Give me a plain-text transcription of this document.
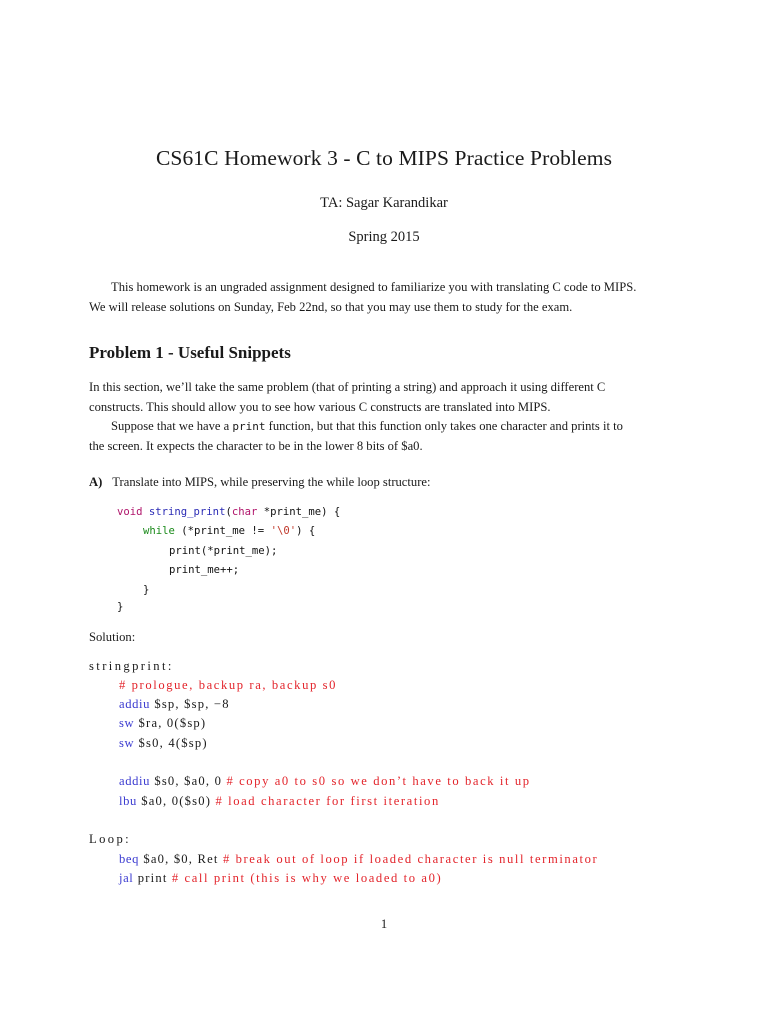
CS61C Homework 3 - C to MIPS Practice Problems
TA: Sagar Karandikar
Spring 2015
This homework is an ungraded assignment designed to familiarize you with translating C code to MIPS.
We will release solutions on Sunday, Feb 22nd, so that you may use them to study for the exam.
Problem 1 - Useful Snippets
In this section, we’ll take the same problem (that of printing a string) and approach it using different C
constructs. This should allow you to see how various C constructs are translated into MIPS.
Suppose that we have a print function, but that this function only takes one character and prints it to
the screen. It expects the character to be in the lower 8 bits of $a0.
A) Translate into MIPS, while preserving the while loop structure:

void string_print(char *print_me) {

while (*print_me != '\0') {

print(*print_me);

print_me++;

}

}

Solution:
stringprint:
# prologue, backup ra, backup s0
addiu $sp, $sp, −8
sw $ra, 0($sp)
sw $s0, 4($sp)
addiu $s0, $a0, 0 # copy a0 to s0 so we don’t have to back it up
lbu $a0, 0($s0) # load character for first iteration
Loop:
beq $a0, $0, Ret # break out of loop if loaded character is null terminator
jal print # call print (this is why we loaded to a0)
1
